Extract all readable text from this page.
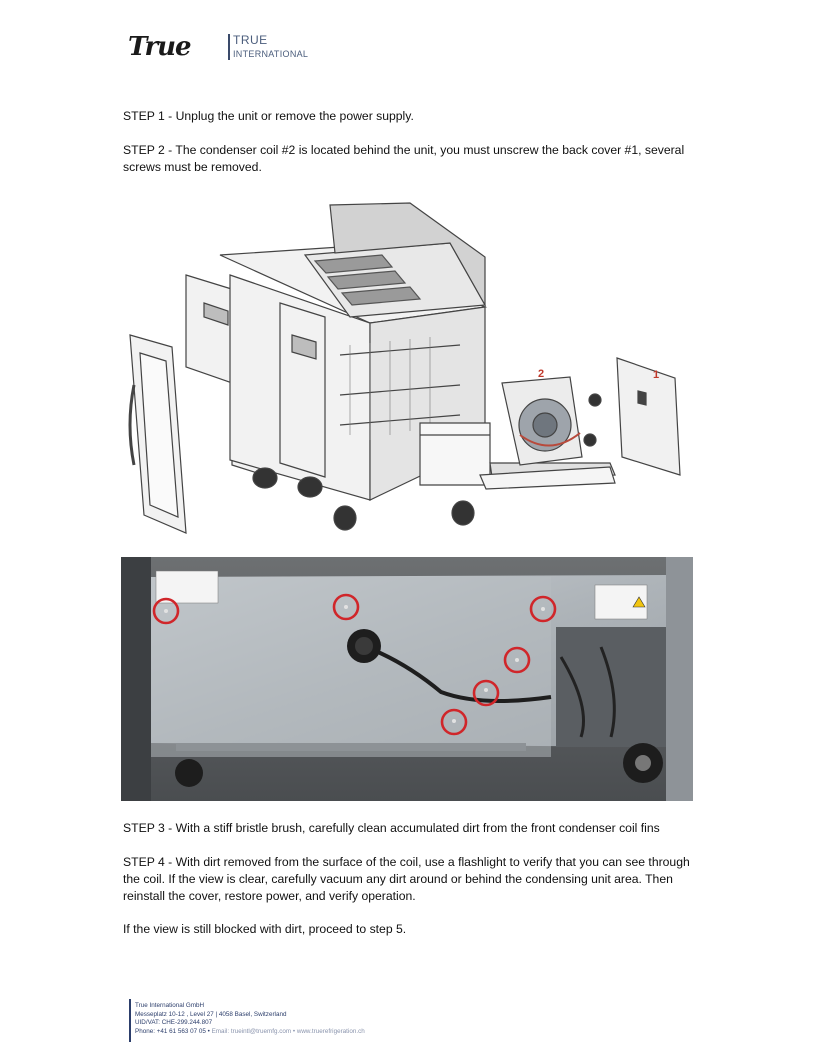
True	TRUE
INTERNATIONAL
STEP 1 - Unplug the unit or remove the power supply.
STEP 2 - The condenser coil #2 is located behind the unit, you must unscrew the back cover #1, several screws must be removed.
2	1
STEP 3 - With a stiff bristle brush, carefully clean accumulated dirt from the front condenser coil fins
STEP 4 - With dirt removed from the surface of the coil, use a flashlight to verify that you can see through the coil. If the view is clear, carefully vacuum any dirt around or behind the condensing unit area. Then reinstall the cover, restore power, and verify operation.
If the view is still blocked with dirt, proceed to step 5.
True International GmbH
Messeplatz 10-12 , Level 27 | 4058 Basel, Switzerland
UID/VAT: CHE-299.244.807
Phone: +41 61 563 07 05 • Email: trueintl@truemfg.com • www.truerefrigeration.ch
